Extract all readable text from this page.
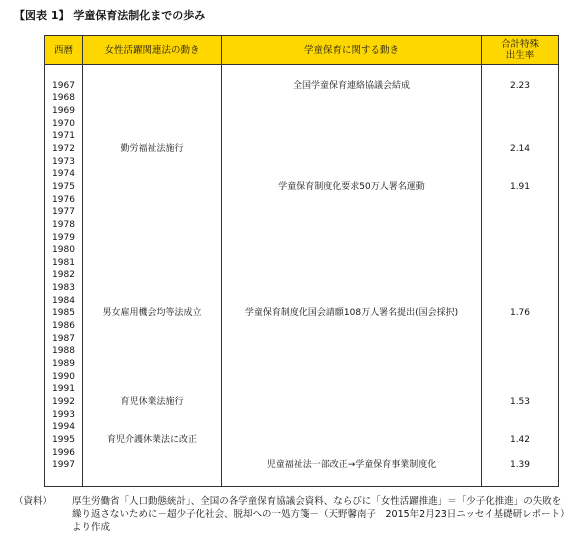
【図表 1】 学童保育法制化までの歩み
西暦	女性活躍関連法の動き	学童保育に関する動き	合計特殊
出生率

1967		全国学童保育連絡協議会結成	2.23
1968			
1969			
1970			
1971			
1972	勤労福祉法施行		2.14
1973			
1974			
1975		学童保育制度化要求50万人署名運動	1.91
1976			
1977			
1978			
1979			
1980			
1981			
1982			
1983			
1984			
1985	男女雇用機会均等法成立	学童保育制度化国会請願108万人署名提出(国会採択)	1.76
1986			
1987			
1988			
1989			
1990			
1991			
1992	育児休業法施行		1.53
1993			
1994			
1995	育児介護休業法に改正		1.42
1996			
1997		児童福祉法一部改正→学童保育事業制度化	1.39

（資料） 厚生労働省「人口動態統計」、全国の各学童保育協議会資料、ならびに「女性活躍推進」＝「少子化推進」の失敗を繰り返さないために－超少子化社会、脱却への一処方箋－（天野馨南子　2015年2月23日ニッセイ基礎研レポート）より作成
